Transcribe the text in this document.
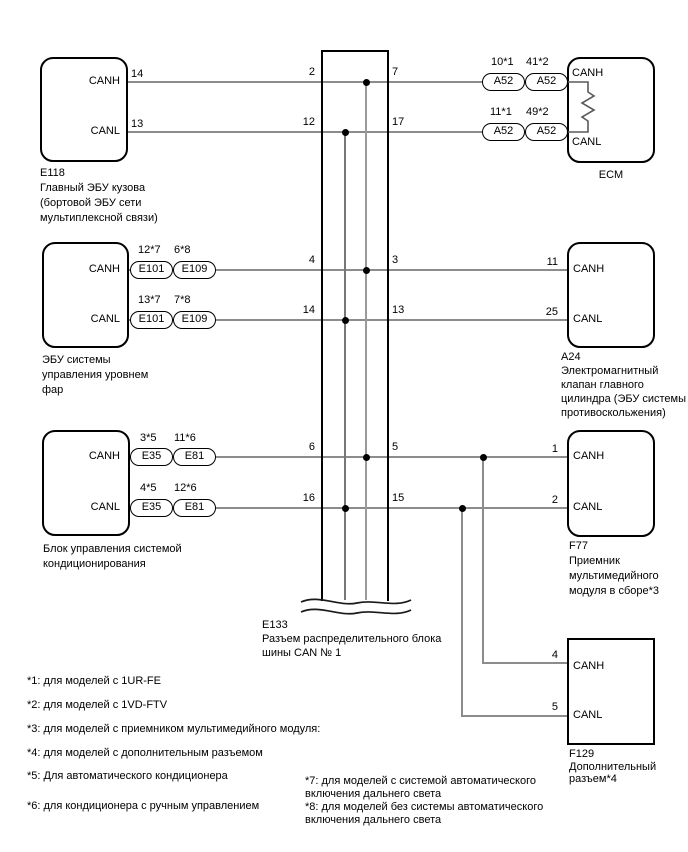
A52	A52
A52	A52
E101	E109
E101	E109
E35	E81
E35	E81
10*1 41*2
11*1 49*2
12*7 6*8
13*7 7*8
3*5 11*6
4*5 12*6
14
13
2
12
4
14
6
16
7
17
3
13
5
15
11
25
1
2
4
5
CANH
CANL
CANH
CANL
CANH
CANL
CANH
CANL
CANH
CANL
CANH
CANL
CANH
CANL
E118
Главный ЭБУ кузова
(бортовой ЭБУ сети
мультиплексной связи)
ЭБУ системы
управления уровнем
фар
Блок управления системой
кондиционирования
ECM
A24
Электромагнитный
клапан главного
цилиндра (ЭБУ системы
противоскольжения)
F77
Приемник
мультимедийного
модуля в сборе*3
F129
Дополнительный
разъем*4
E133
Разъем распределительного блока
шины CAN № 1
*1: для моделей с 1UR-FE
*2: для моделей с 1VD-FTV
*3: для моделей с приемником мультимедийного модуля:
*4: для моделей с дополнительным разъемом
*5: Для автоматического кондиционера
*6: для кондиционера с ручным управлением
*7: для моделей с системой автоматического
включения дальнего света
*8: для моделей без системы автоматического
включения дальнего света
